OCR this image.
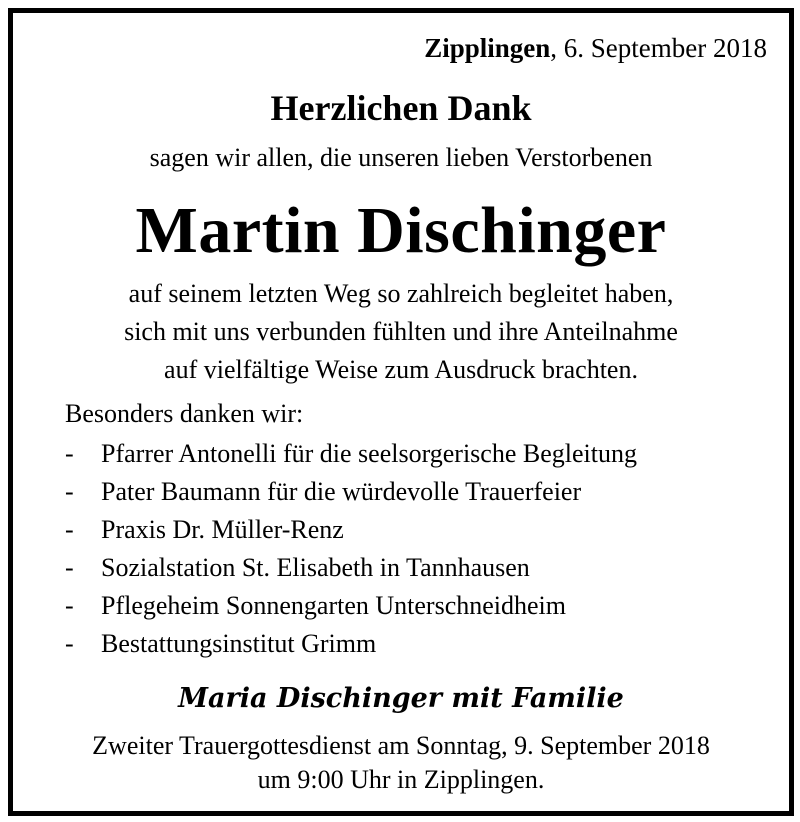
Zipplingen, 6. September 2018
Herzlichen Dank
sagen wir allen, die unseren lieben Verstorbenen
Martin Dischinger
auf seinem letzten Weg so zahlreich begleitet haben,
sich mit uns verbunden fühlten und ihre Anteilnahme
auf vielfältige Weise zum Ausdruck brachten.
Besonders danken wir:
- Pfarrer Antonelli für die seelsorgerische Begleitung
- Pater Baumann für die würdevolle Trauerfeier
- Praxis Dr. Müller-Renz
- Sozialstation St. Elisabeth in Tannhausen
- Pflegeheim Sonnengarten Unterschneidheim
- Bestattungsinstitut Grimm
Maria Dischinger mit Familie
Zweiter Trauergottesdienst am Sonntag, 9. September 2018
um 9:00 Uhr in Zipplingen.
